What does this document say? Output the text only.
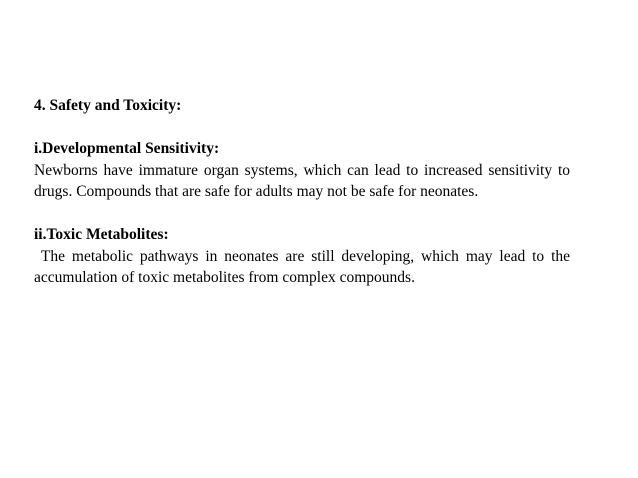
4. Safety and Toxicity:

i.Developmental Sensitivity:

Newborns have immature organ systems, which can lead to increased sensitivity to drugs. Compounds that are safe for adults may not be safe for neonates.

ii.Toxic Metabolites:

The metabolic pathways in neonates are still developing, which may lead to the accumulation of toxic metabolites from complex compounds.
